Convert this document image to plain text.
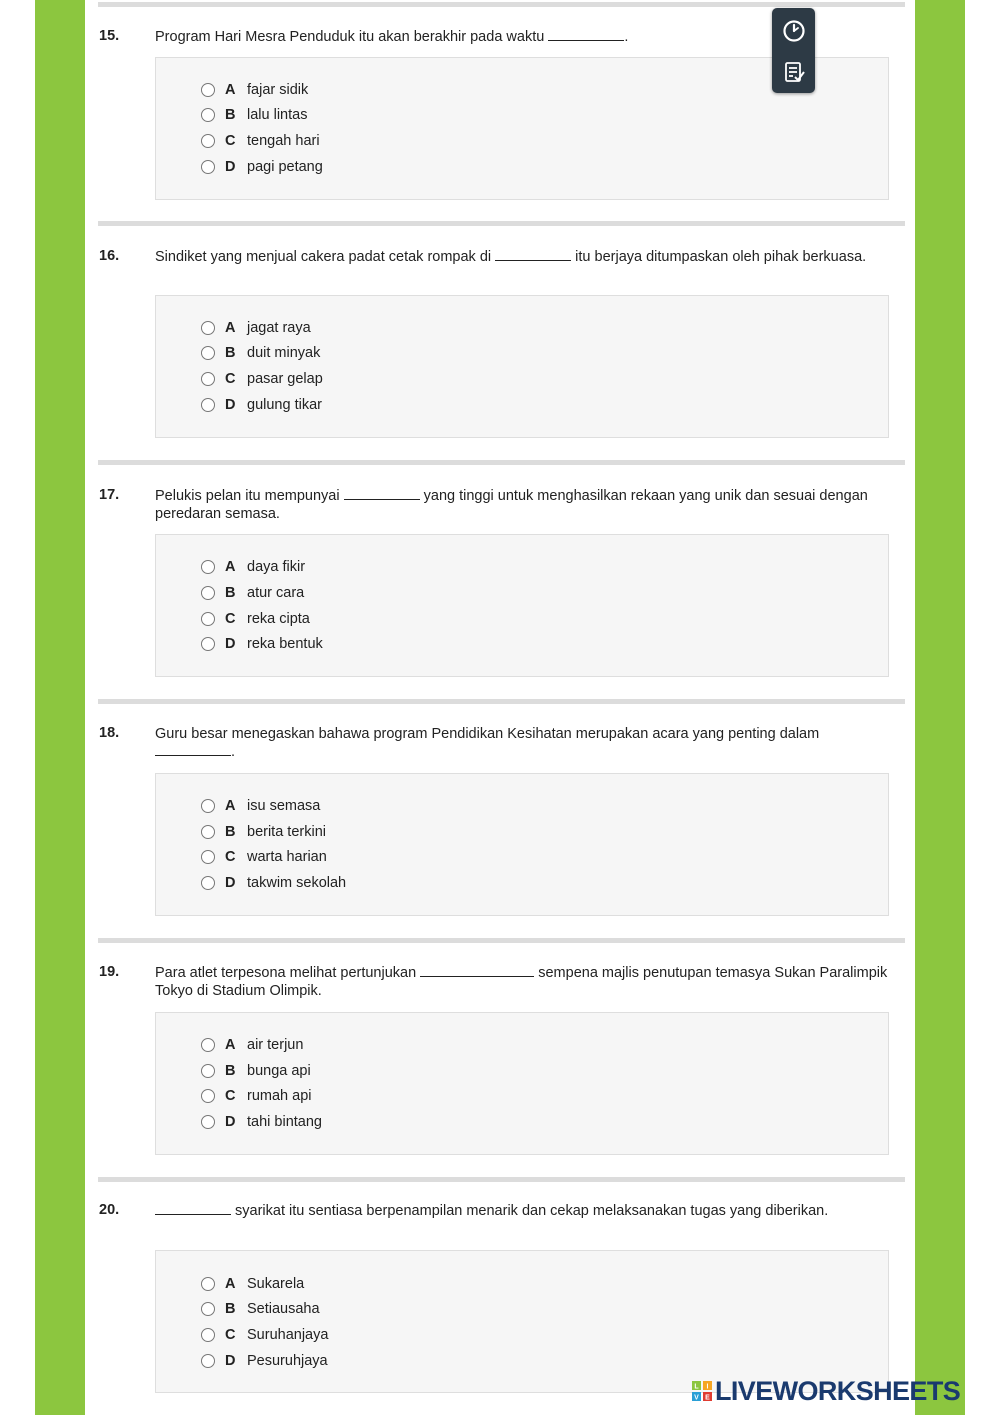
15. Program Hari Mesra Penduduk itu akan berakhir pada waktu	.
A fajar sidik
B lalu lintas
C tengah hari
D pagi petang
16. Sindiket yang menjual cakera padat cetak rompak di	itu berjaya ditumpaskan oleh pihak berkuasa.
A jagat raya
B duit minyak
C pasar gelap
D gulung tikar
17. Pelukis pelan itu mempunyai	yang tinggi untuk menghasilkan rekaan yang unik dan sesuai dengan peredaran semasa.
A daya fikir
B atur cara
C reka cipta
D reka bentuk
18. Guru besar menegaskan bahawa program Pendidikan Kesihatan merupakan acara yang penting dalam .
A isu semasa
B berita terkini
C warta harian
D takwim sekolah
19. Para atlet terpesona melihat pertunjukan	sempena majlis penutupan temasya Sukan Paralimpik Tokyo di Stadium Olimpik.
A air terjun
B bunga api
C rumah api
D tahi bintang
20.	syarikat itu sentiasa berpenampilan menarik dan cekap melaksanakan tugas yang diberikan.
A Sukarela
B Setiausaha
C Suruhanjaya
D Pesuruhjaya
L I
V E LIVEWORKSHEETS
